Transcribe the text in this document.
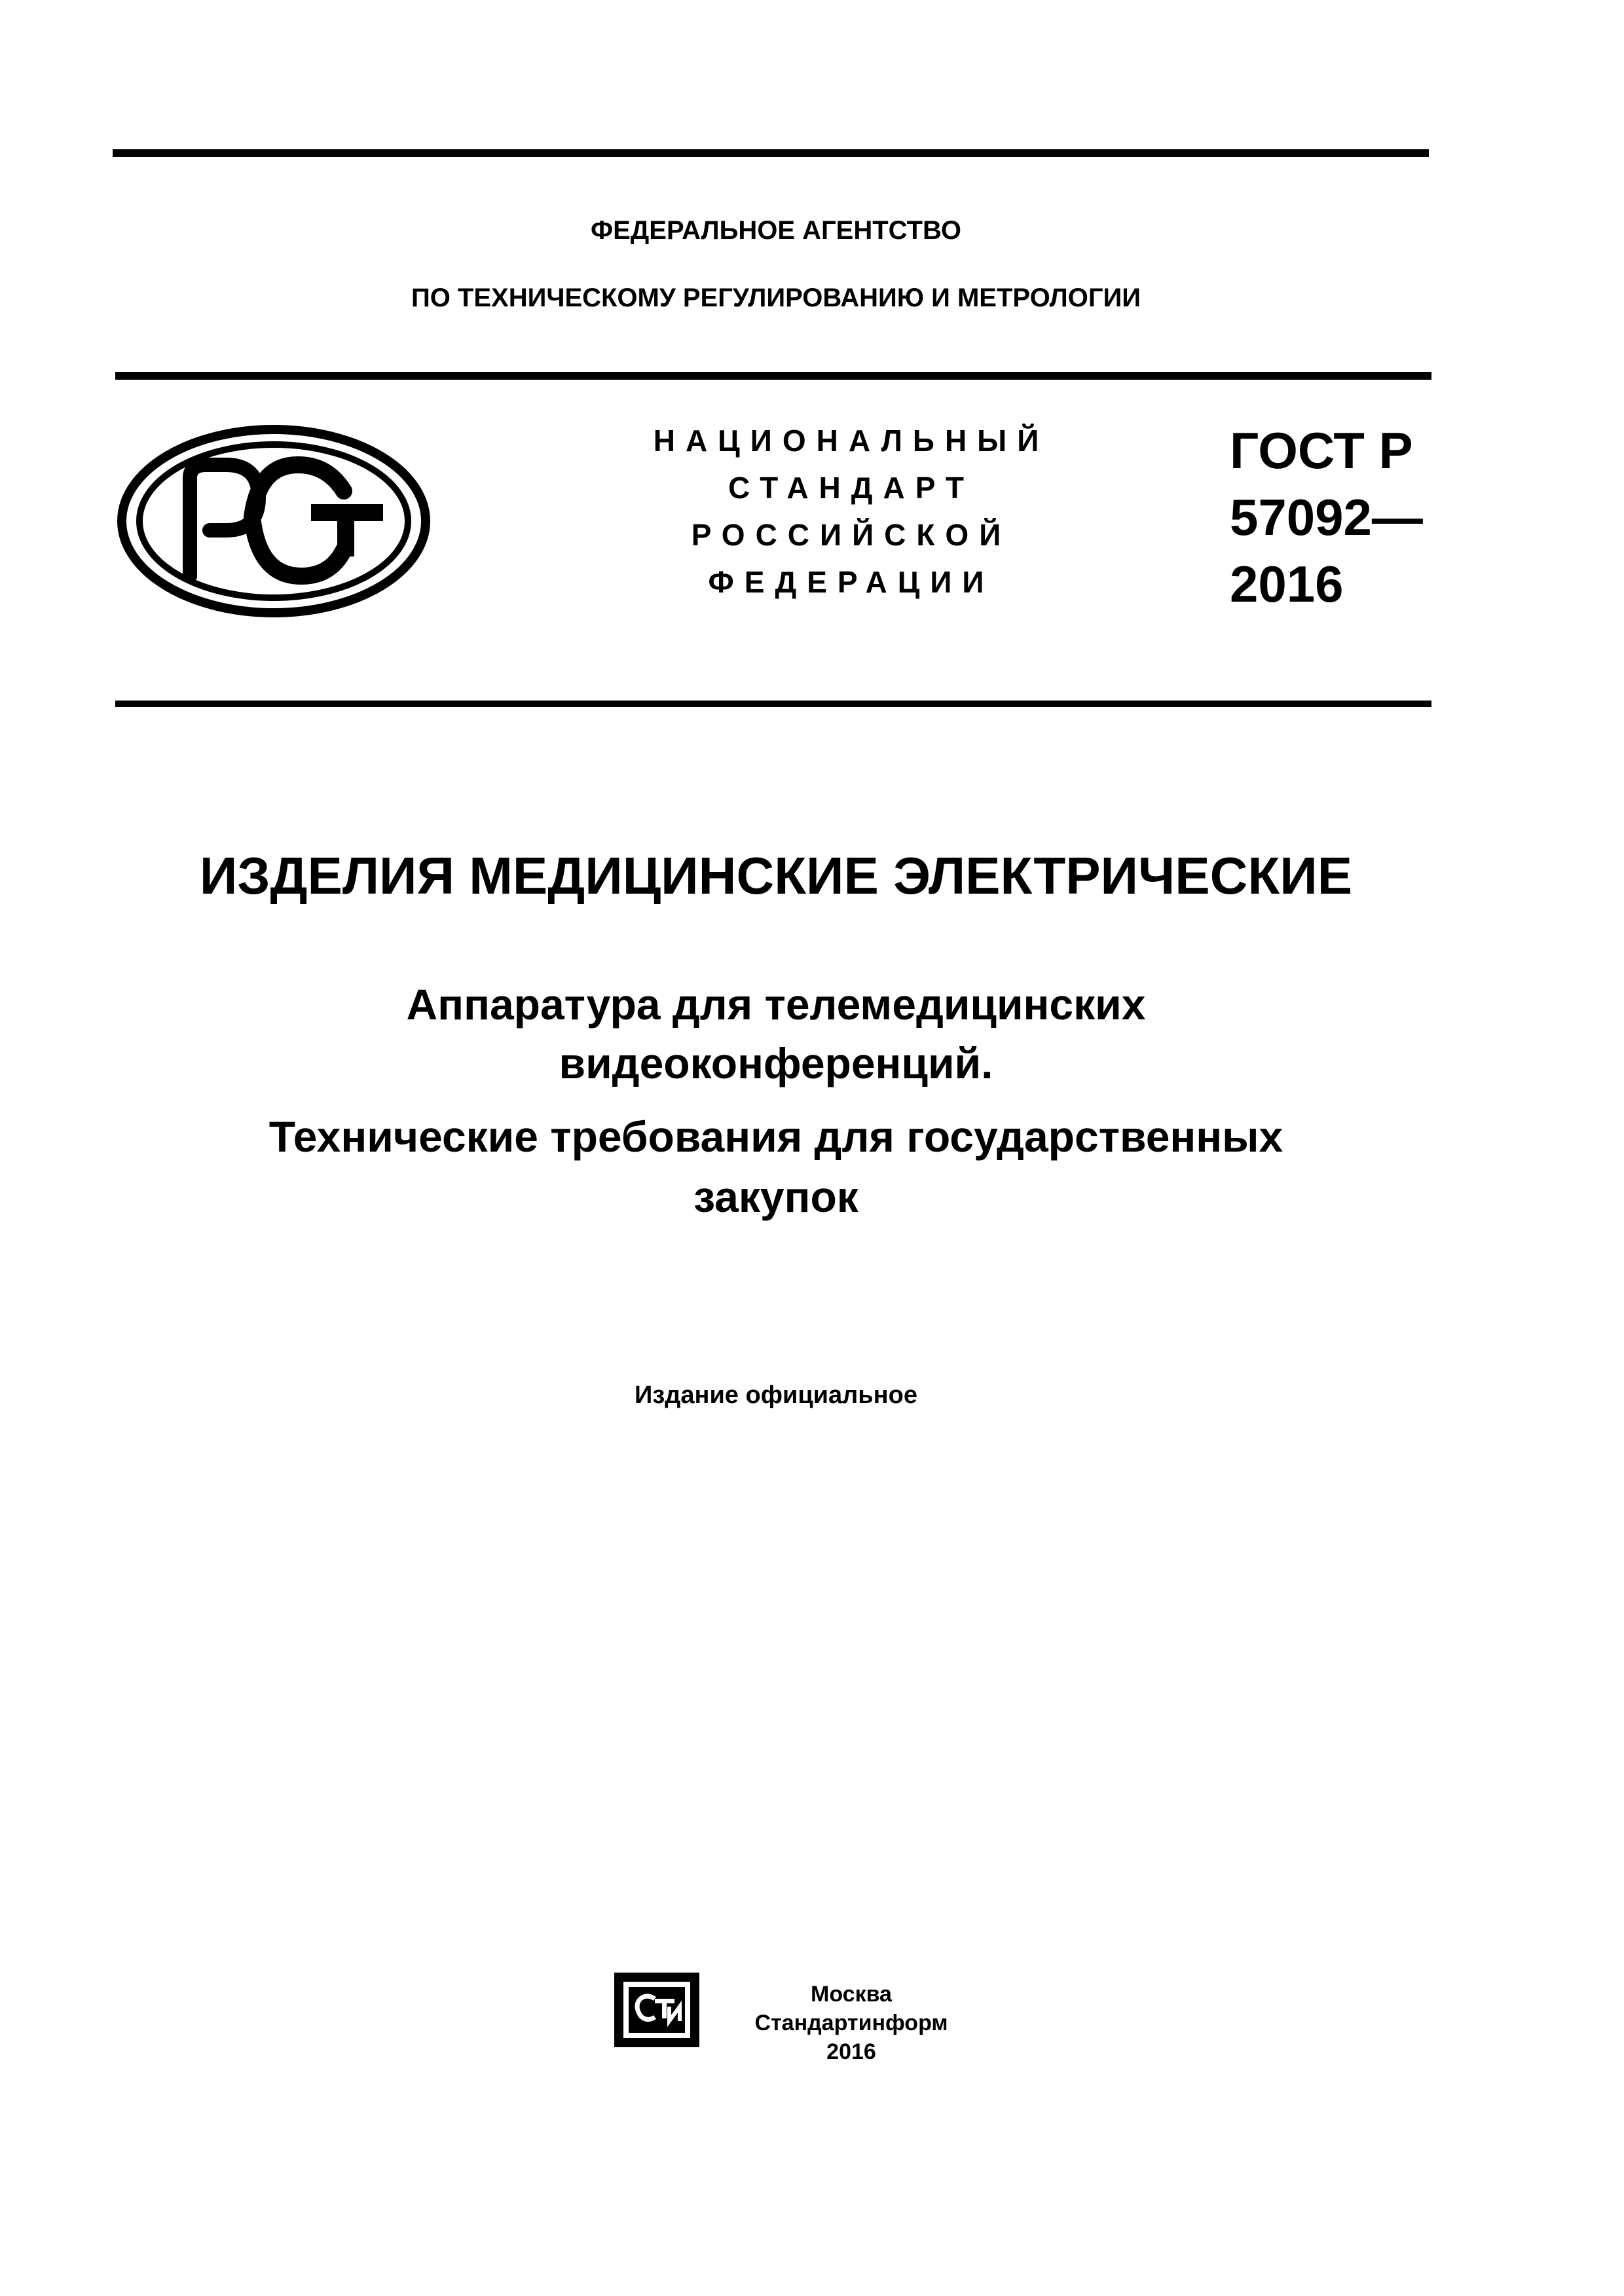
ФЕДЕРАЛЬНОЕ АГЕНТСТВО
ПО ТЕХНИЧЕСКОМУ РЕГУЛИРОВАНИЮ И МЕТРОЛОГИИ
НАЦИОНАЛЬНЫЙ
СТАНДАРТ
РОССИЙСКОЙ
ФЕДЕРАЦИИ
ГОСТ Р
57092—
2016
ИЗДЕЛИЯ МЕДИЦИНСКИЕ ЭЛЕКТРИЧЕСКИЕ
Аппаратура для телемедицинских
видеоконференций.
Технические требования для государственных
закупок
Издание официальное
Москва
Стандартинформ
2016
